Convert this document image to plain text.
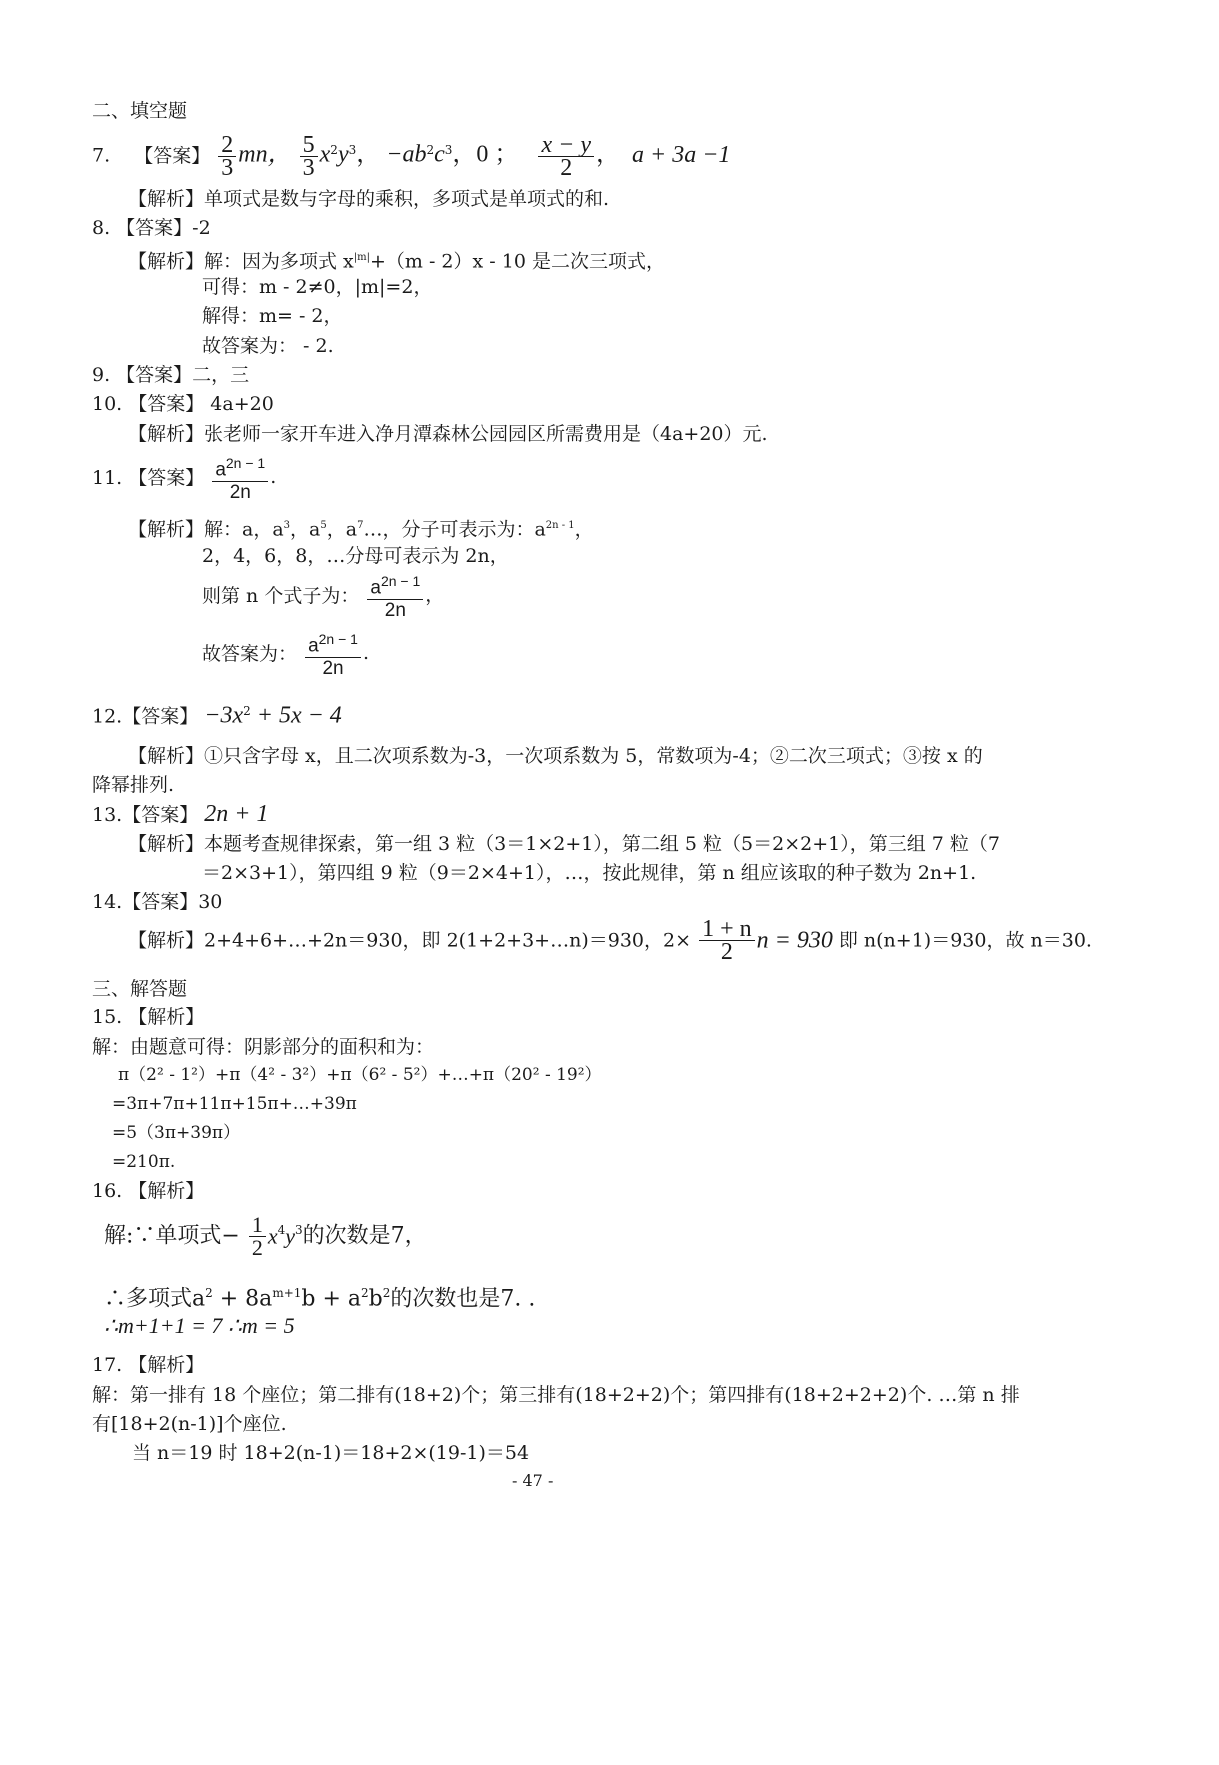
二、填空题
7. 【答案】 $\frac{2}{3}$ mn， $\frac{5}{3} x^2y^3$， $-ab^2c^3$，0 ； $\frac{x - y}{2}$ ， a + 3a −1
【解析】单项式是数与字母的乘积，多项式是单项式的和.
8. 【答案】-2
【解析】解：因为多项式 $x^{|m|}+(m - 2)x - 10$ 是二次三项式，
可得：m - 2≠0，|m|=2，
解得：m= - 2，
故答案为： - 2.
9. 【答案】二，三
10. 【答案】 4a+20
【解析】张老师一家开车进入净月潭森林公园园区所需费用是（4a+20）元.
11. 【答案】 $\frac{a^{2n - 1}}{2n}$ .
【解析】解：a，$a^3$，$a^5$，$a^7\dots$，分子可表示为：$a^{2n - 1}$，
2，4，6，8，…分母可表示为 2n，
则第 n 个式子为： $\frac{a^{2n - 1}}{2n}$ ，
故答案为： $\frac{a^{2n - 1}}{2n}$ .
12.【答案】 $-3x^2 + 5x - 4$
【解析】①只含字母 x，且二次项系数为-3，一次项系数为 5，常数项为-4；②二次三项式；③按 x 的
降幂排列.
13.【答案】 2n + 1
【解析】本题考查规律探索，第一组 3 粒（3＝1×2+1），第二组 5 粒（5＝2×2+1），第三组 7 粒（7
＝2×3+1），第四组 9 粒（9＝2×4+1），…，按此规律，第 n 组应该取的种子数为 2n+1.
14.【答案】30
【解析】2+4+6+…+2n＝930，即 2(1+2+3+…n)＝930，$2\times \frac{1 + n}{2}$ n = 930 即 n(n+1)＝930，故 n＝30.
三、解答题
15. 【解析】
解：由题意可得：阴影部分的面积和为：
π（2² - 1²）+π（4² - 3²）+π（6² - 5²）+…+π（20² - 19²）
=3π+7π+11π+15π+…+39π
=5（3π+39π）
=210π.
16. 【解析】
解:∵单项式− $\frac{1}{2} x^4y^3$的次数是7，
∴多项式$a^2 + 8a^{m+1}b + a^2b^2$的次数也是7. .
∴m+1+1 = 7 ∴m = 5
17. 【解析】
解：第一排有 18 个座位；第二排有(18+2)个；第三排有(18+2+2)个；第四排有(18+2+2+2)个. …第 n 排
有[18+2(n-1)]个座位.
当 n＝19 时 18+2(n-1)＝18+2×(19-1)＝54
- 47 -
